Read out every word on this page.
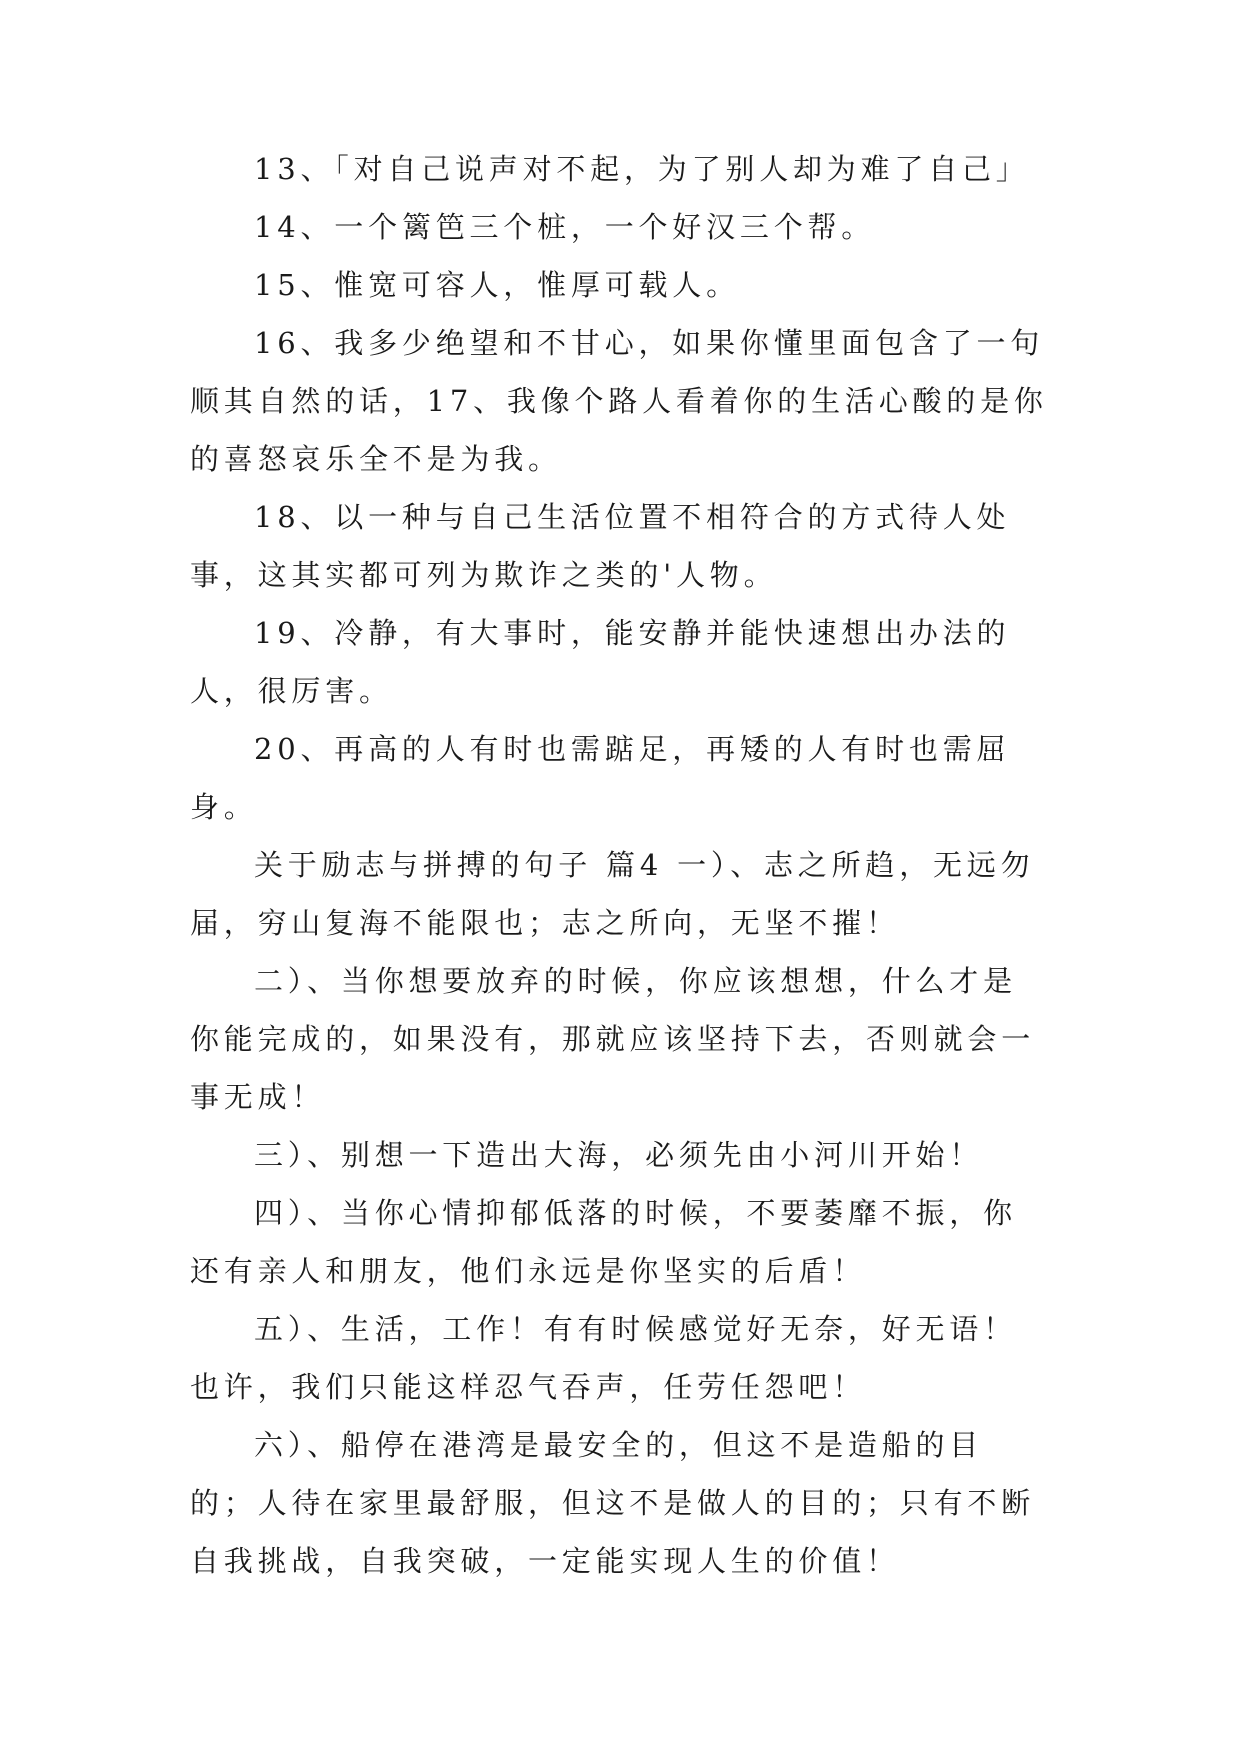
13、「对自己说声对不起，为了别人却为难了自己」

14、一个篱笆三个桩，一个好汉三个帮。

15、惟宽可容人，惟厚可载人。

16、我多少绝望和不甘心，如果你懂里面包含了一句顺其自然的话，17、我像个路人看着你的生活心酸的是你的喜怒哀乐全不是为我。

18、以一种与自己生活位置不相符合的方式待人处事，这其实都可列为欺诈之类的'人物。

19、冷静，有大事时，能安静并能快速想出办法的人，很厉害。

20、再高的人有时也需踮足，再矮的人有时也需屈身。

关于励志与拼搏的句子 篇4 一）、志之所趋，无远勿届，穷山复海不能限也；志之所向，无坚不摧！

二）、当你想要放弃的时候，你应该想想，什么才是你能完成的，如果没有，那就应该坚持下去，否则就会一事无成！

三）、别想一下造出大海，必须先由小河川开始！

四）、当你心情抑郁低落的时候，不要萎靡不振，你还有亲人和朋友，他们永远是你坚实的后盾！

五）、生活，工作！有有时候感觉好无奈，好无语！也许，我们只能这样忍气吞声，任劳任怨吧！

六）、船停在港湾是最安全的，但这不是造船的目的；人待在家里最舒服，但这不是做人的目的；只有不断自我挑战，自我突破，一定能实现人生的价值！
